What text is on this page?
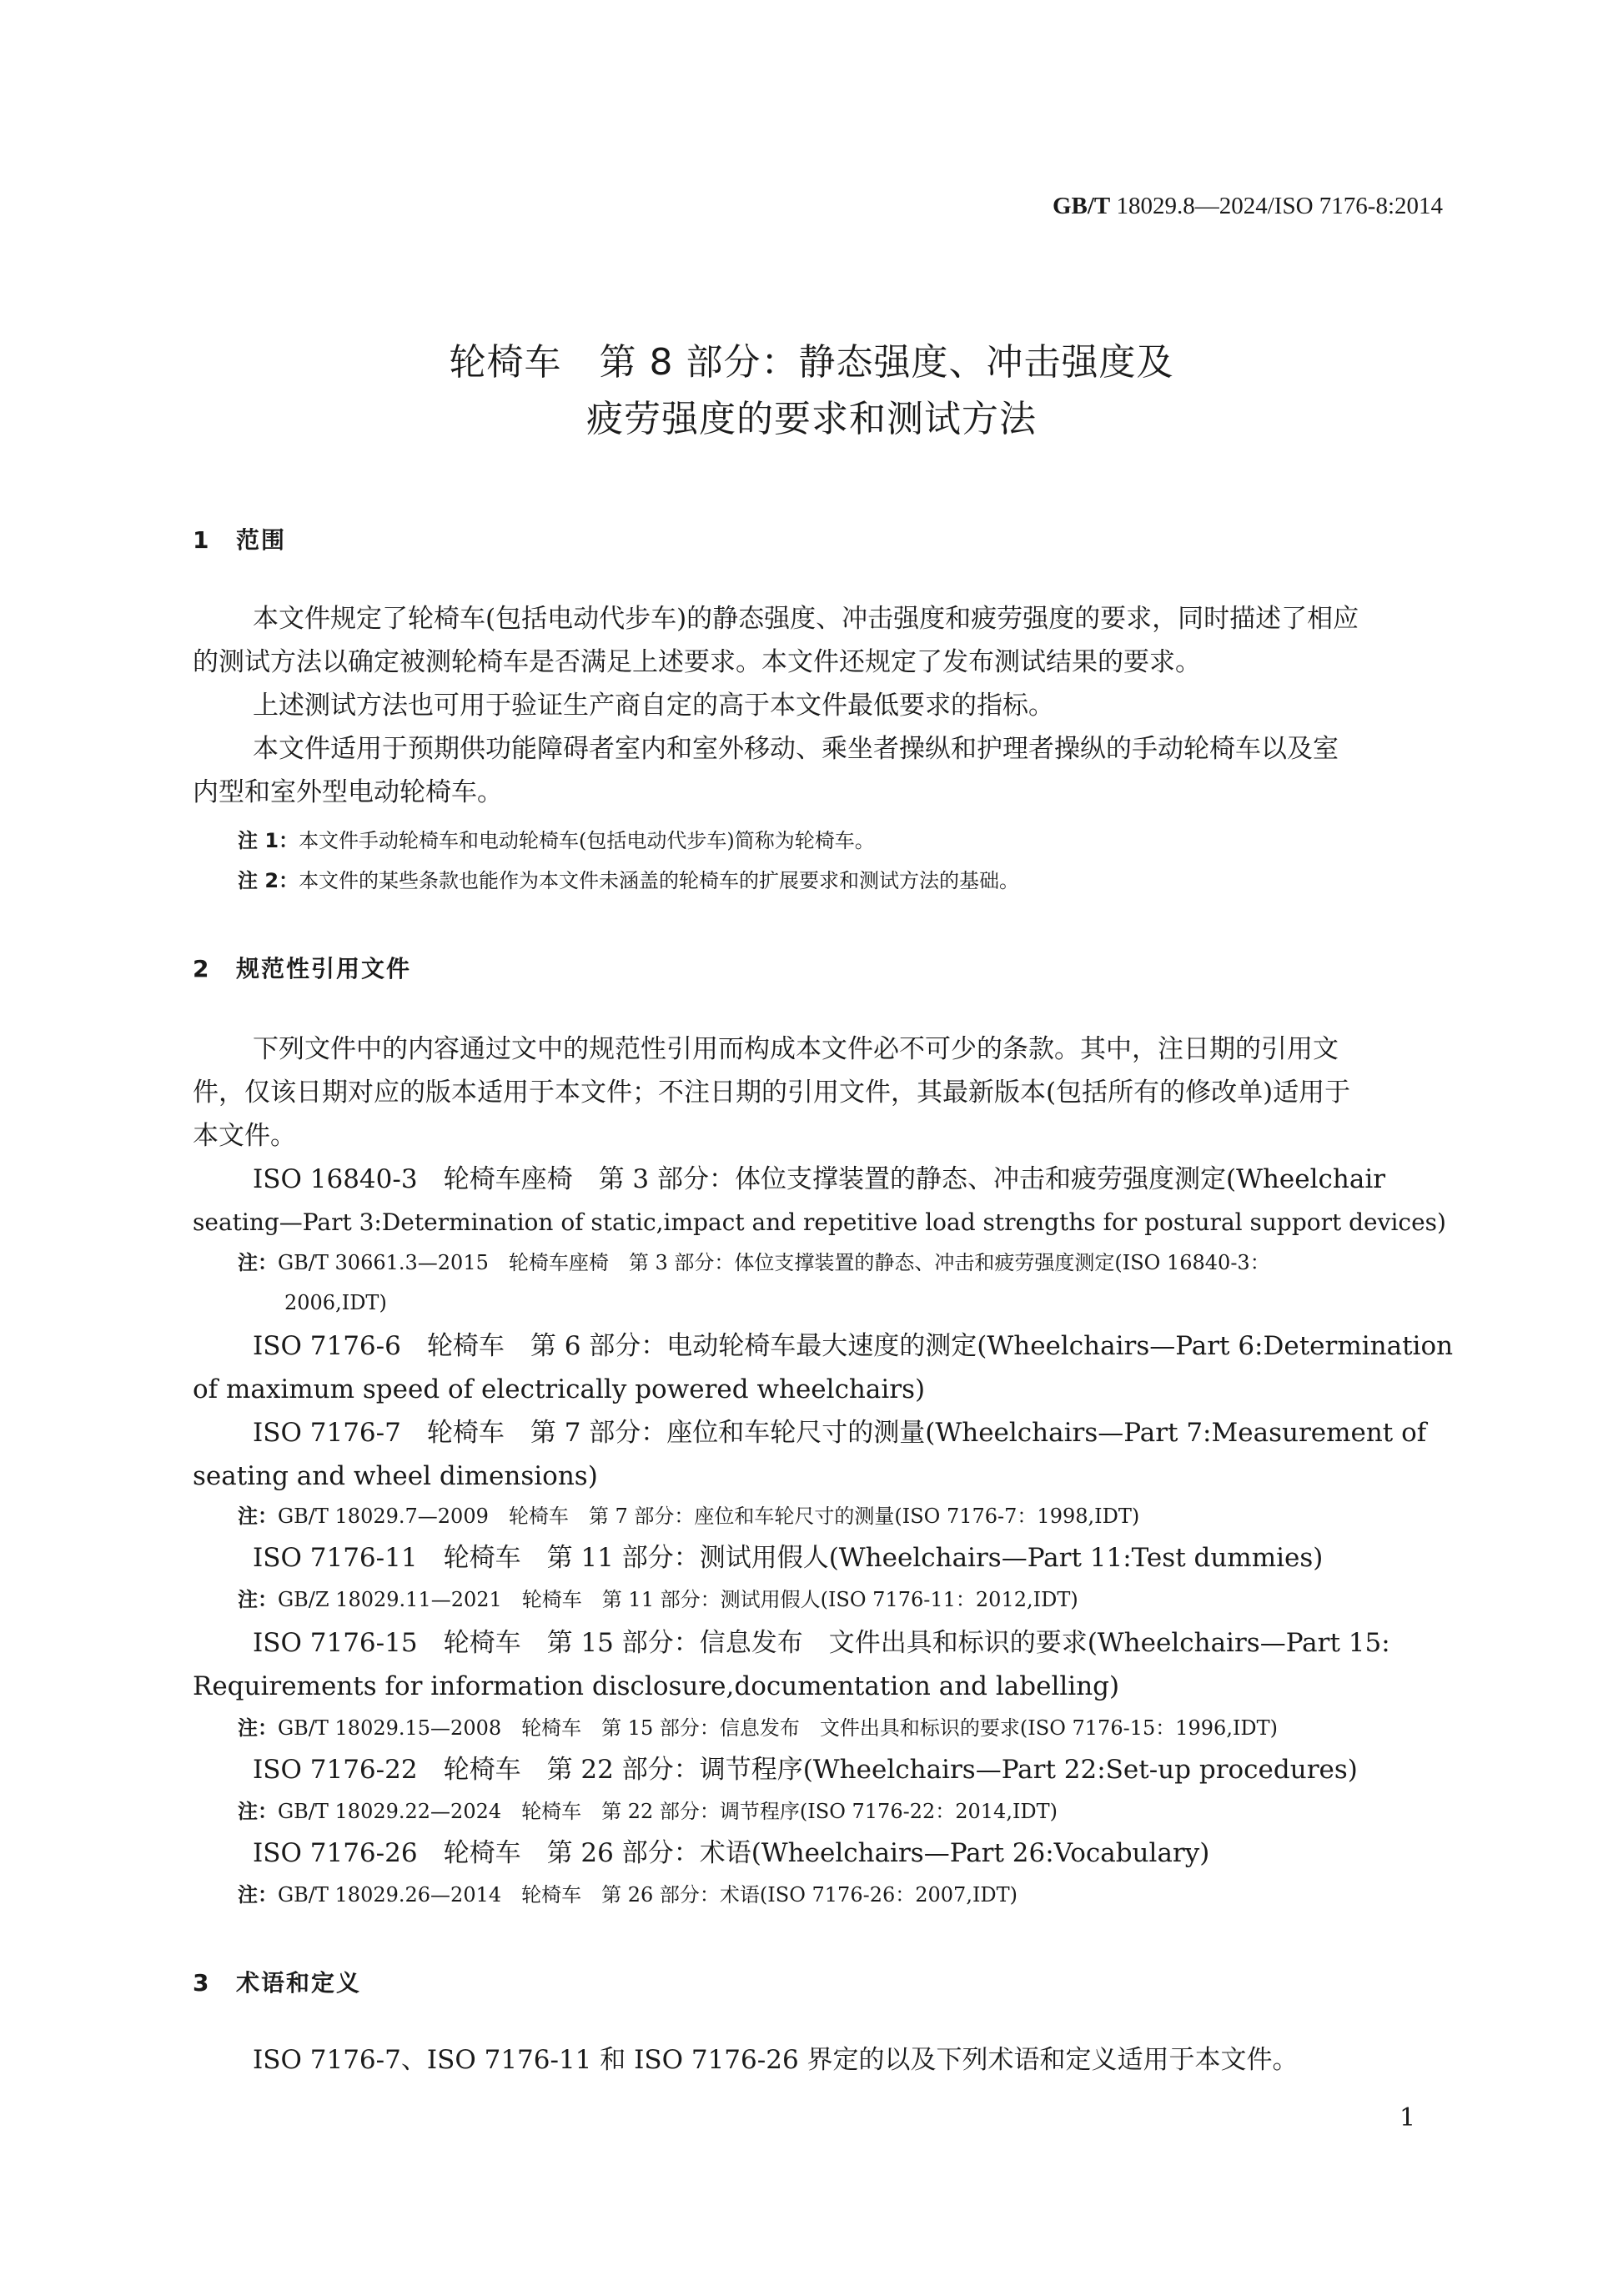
GB/T 18029.8—2024/ISO 7176-8:2014
轮椅车　第 8 部分：静态强度、冲击强度及
疲劳强度的要求和测试方法
1 范围
本文件规定了轮椅车(包括电动代步车)的静态强度、冲击强度和疲劳强度的要求，同时描述了相应
的测试方法以确定被测轮椅车是否满足上述要求。本文件还规定了发布测试结果的要求。
上述测试方法也可用于验证生产商自定的高于本文件最低要求的指标。
本文件适用于预期供功能障碍者室内和室外移动、乘坐者操纵和护理者操纵的手动轮椅车以及室
内型和室外型电动轮椅车。
注 1：本文件手动轮椅车和电动轮椅车(包括电动代步车)简称为轮椅车。
注 2：本文件的某些条款也能作为本文件未涵盖的轮椅车的扩展要求和测试方法的基础。
2 规范性引用文件
下列文件中的内容通过文中的规范性引用而构成本文件必不可少的条款。其中，注日期的引用文
件，仅该日期对应的版本适用于本文件；不注日期的引用文件，其最新版本(包括所有的修改单)适用于
本文件。
ISO 16840-3　轮椅车座椅　第 3 部分：体位支撑装置的静态、冲击和疲劳强度测定(Wheelchair
seating—Part 3:Determination of static,impact and repetitive load strengths for postural support devices)
注：GB/T 30661.3—2015　轮椅车座椅　第 3 部分：体位支撑装置的静态、冲击和疲劳强度测定(ISO 16840-3：
2006,IDT)
ISO 7176-6　轮椅车　第 6 部分：电动轮椅车最大速度的测定(Wheelchairs—Part 6:Determination
of maximum speed of electrically powered wheelchairs)
ISO 7176-7　轮椅车　第 7 部分：座位和车轮尺寸的测量(Wheelchairs—Part 7:Measurement of
seating and wheel dimensions)
注：GB/T 18029.7—2009　轮椅车　第 7 部分：座位和车轮尺寸的测量(ISO 7176-7：1998,IDT)
ISO 7176-11　轮椅车　第 11 部分：测试用假人(Wheelchairs—Part 11:Test dummies)
注：GB/Z 18029.11—2021　轮椅车　第 11 部分：测试用假人(ISO 7176-11：2012,IDT)
ISO 7176-15　轮椅车　第 15 部分：信息发布　文件出具和标识的要求(Wheelchairs—Part 15:
Requirements for information disclosure,documentation and labelling)
注：GB/T 18029.15—2008　轮椅车　第 15 部分：信息发布　文件出具和标识的要求(ISO 7176-15：1996,IDT)
ISO 7176-22　轮椅车　第 22 部分：调节程序(Wheelchairs—Part 22:Set-up procedures)
注：GB/T 18029.22—2024　轮椅车　第 22 部分：调节程序(ISO 7176-22：2014,IDT)
ISO 7176-26　轮椅车　第 26 部分：术语(Wheelchairs—Part 26:Vocabulary)
注：GB/T 18029.26—2014　轮椅车　第 26 部分：术语(ISO 7176-26：2007,IDT)
3 术语和定义
ISO 7176-7、ISO 7176-11 和 ISO 7176-26 界定的以及下列术语和定义适用于本文件。
1
